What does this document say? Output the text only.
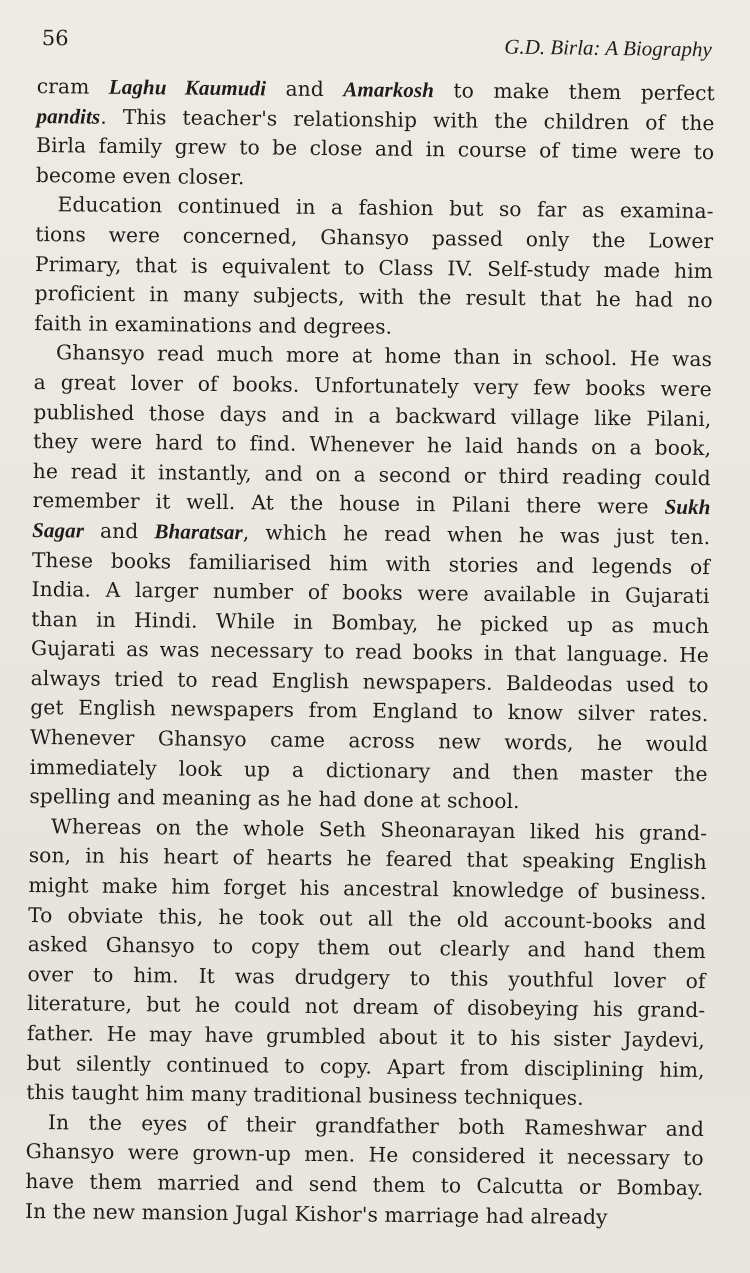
56	G.D. Birla: A Biography

cram Laghu Kaumudi and Amarkosh to make them perfect
pandits. This teacher's relationship with the children of the
Birla family grew to be close and in course of time were to
become even closer.

Education continued in a fashion but so far as examina-
tions were concerned, Ghansyo passed only the Lower
Primary, that is equivalent to Class IV. Self-study made him
proficient in many subjects, with the result that he had no
faith in examinations and degrees.

Ghansyo read much more at home than in school. He was
a great lover of books. Unfortunately very few books were
published those days and in a backward village like Pilani,
they were hard to find. Whenever he laid hands on a book,
he read it instantly, and on a second or third reading could
remember it well. At the house in Pilani there were Sukh
Sagar and Bharatsar, which he read when he was just ten.
These books familiarised him with stories and legends of
India. A larger number of books were available in Gujarati
than in Hindi. While in Bombay, he picked up as much
Gujarati as was necessary to read books in that language. He
always tried to read English newspapers. Baldeodas used to
get English newspapers from England to know silver rates.
Whenever Ghansyo came across new words, he would
immediately look up a dictionary and then master the
spelling and meaning as he had done at school.

Whereas on the whole Seth Sheonarayan liked his grand-
son, in his heart of hearts he feared that speaking English
might make him forget his ancestral knowledge of business.
To obviate this, he took out all the old account-books and
asked Ghansyo to copy them out clearly and hand them
over to him. It was drudgery to this youthful lover of
literature, but he could not dream of disobeying his grand-
father. He may have grumbled about it to his sister Jaydevi,
but silently continued to copy. Apart from disciplining him,
this taught him many traditional business techniques.

In the eyes of their grandfather both Rameshwar and
Ghansyo were grown-up men. He considered it necessary to
have them married and send them to Calcutta or Bombay.
In the new mansion Jugal Kishor's marriage had already
